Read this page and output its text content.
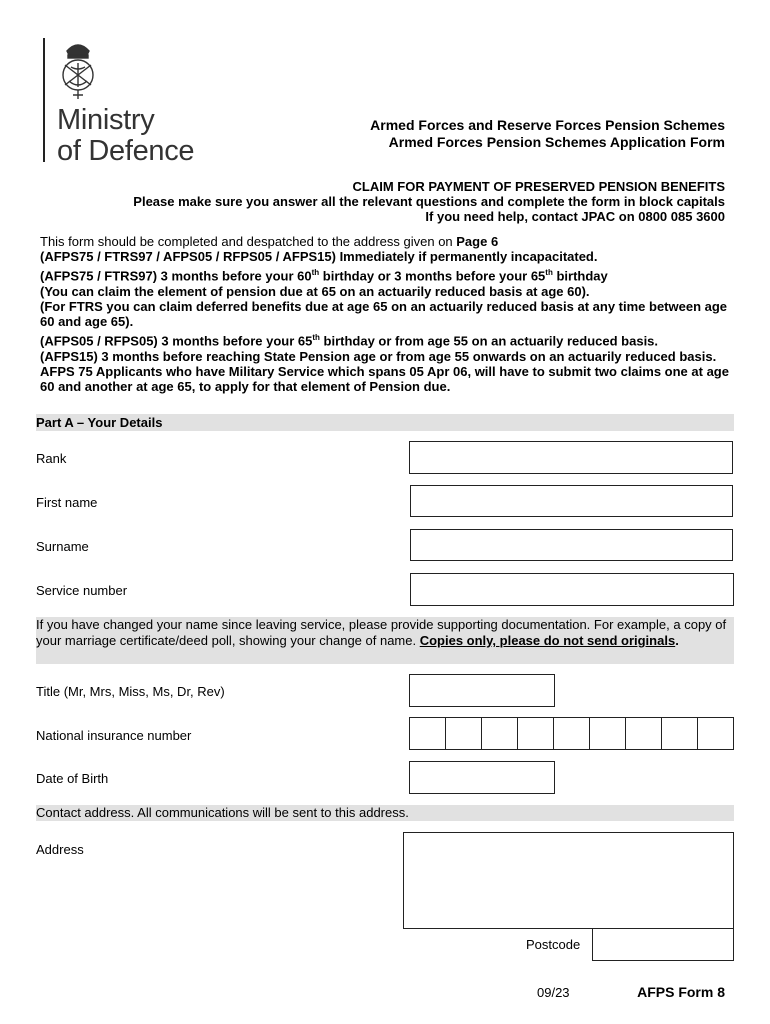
Ministry
of Defence
Armed Forces and Reserve Forces Pension Schemes
Armed Forces Pension Schemes Application Form
CLAIM FOR PAYMENT OF PRESERVED PENSION BENEFITS
Please make sure you answer all the relevant questions and complete the form in block capitals
If you need help, contact JPAC on 0800 085 3600
This form should be completed and despatched to the address given on Page 6
(AFPS75 / FTRS97 / AFPS05 / RFPS05 / AFPS15) Immediately if permanently incapacitated.
(AFPS75 / FTRS97) 3 months before your 60th birthday or 3 months before your 65th birthday
(You can claim the element of pension due at 65 on an actuarily reduced basis at age 60).
(For FTRS you can claim deferred benefits due at age 65 on an actuarily reduced basis at any time between age 60 and age 65).
(AFPS05 / RFPS05) 3 months before your 65th birthday or from age 55 on an actuarily reduced basis.
(AFPS15) 3 months before reaching State Pension age or from age 55 onwards on an actuarily reduced basis.
AFPS 75 Applicants who have Military Service which spans 05 Apr 06, will have to submit two claims one at age 60 and another at age 65, to apply for that element of Pension due.
Part A – Your Details
Rank
First name
Surname
Service number
If you have changed your name since leaving service, please provide supporting documentation. For example, a copy of your marriage certificate/deed poll, showing your change of name. Copies only, please do not send originals.
Title (Mr, Mrs, Miss, Ms, Dr, Rev)
National insurance number
Date of Birth
Contact address. All communications will be sent to this address.
Address
Postcode
09/23	AFPS Form 8
